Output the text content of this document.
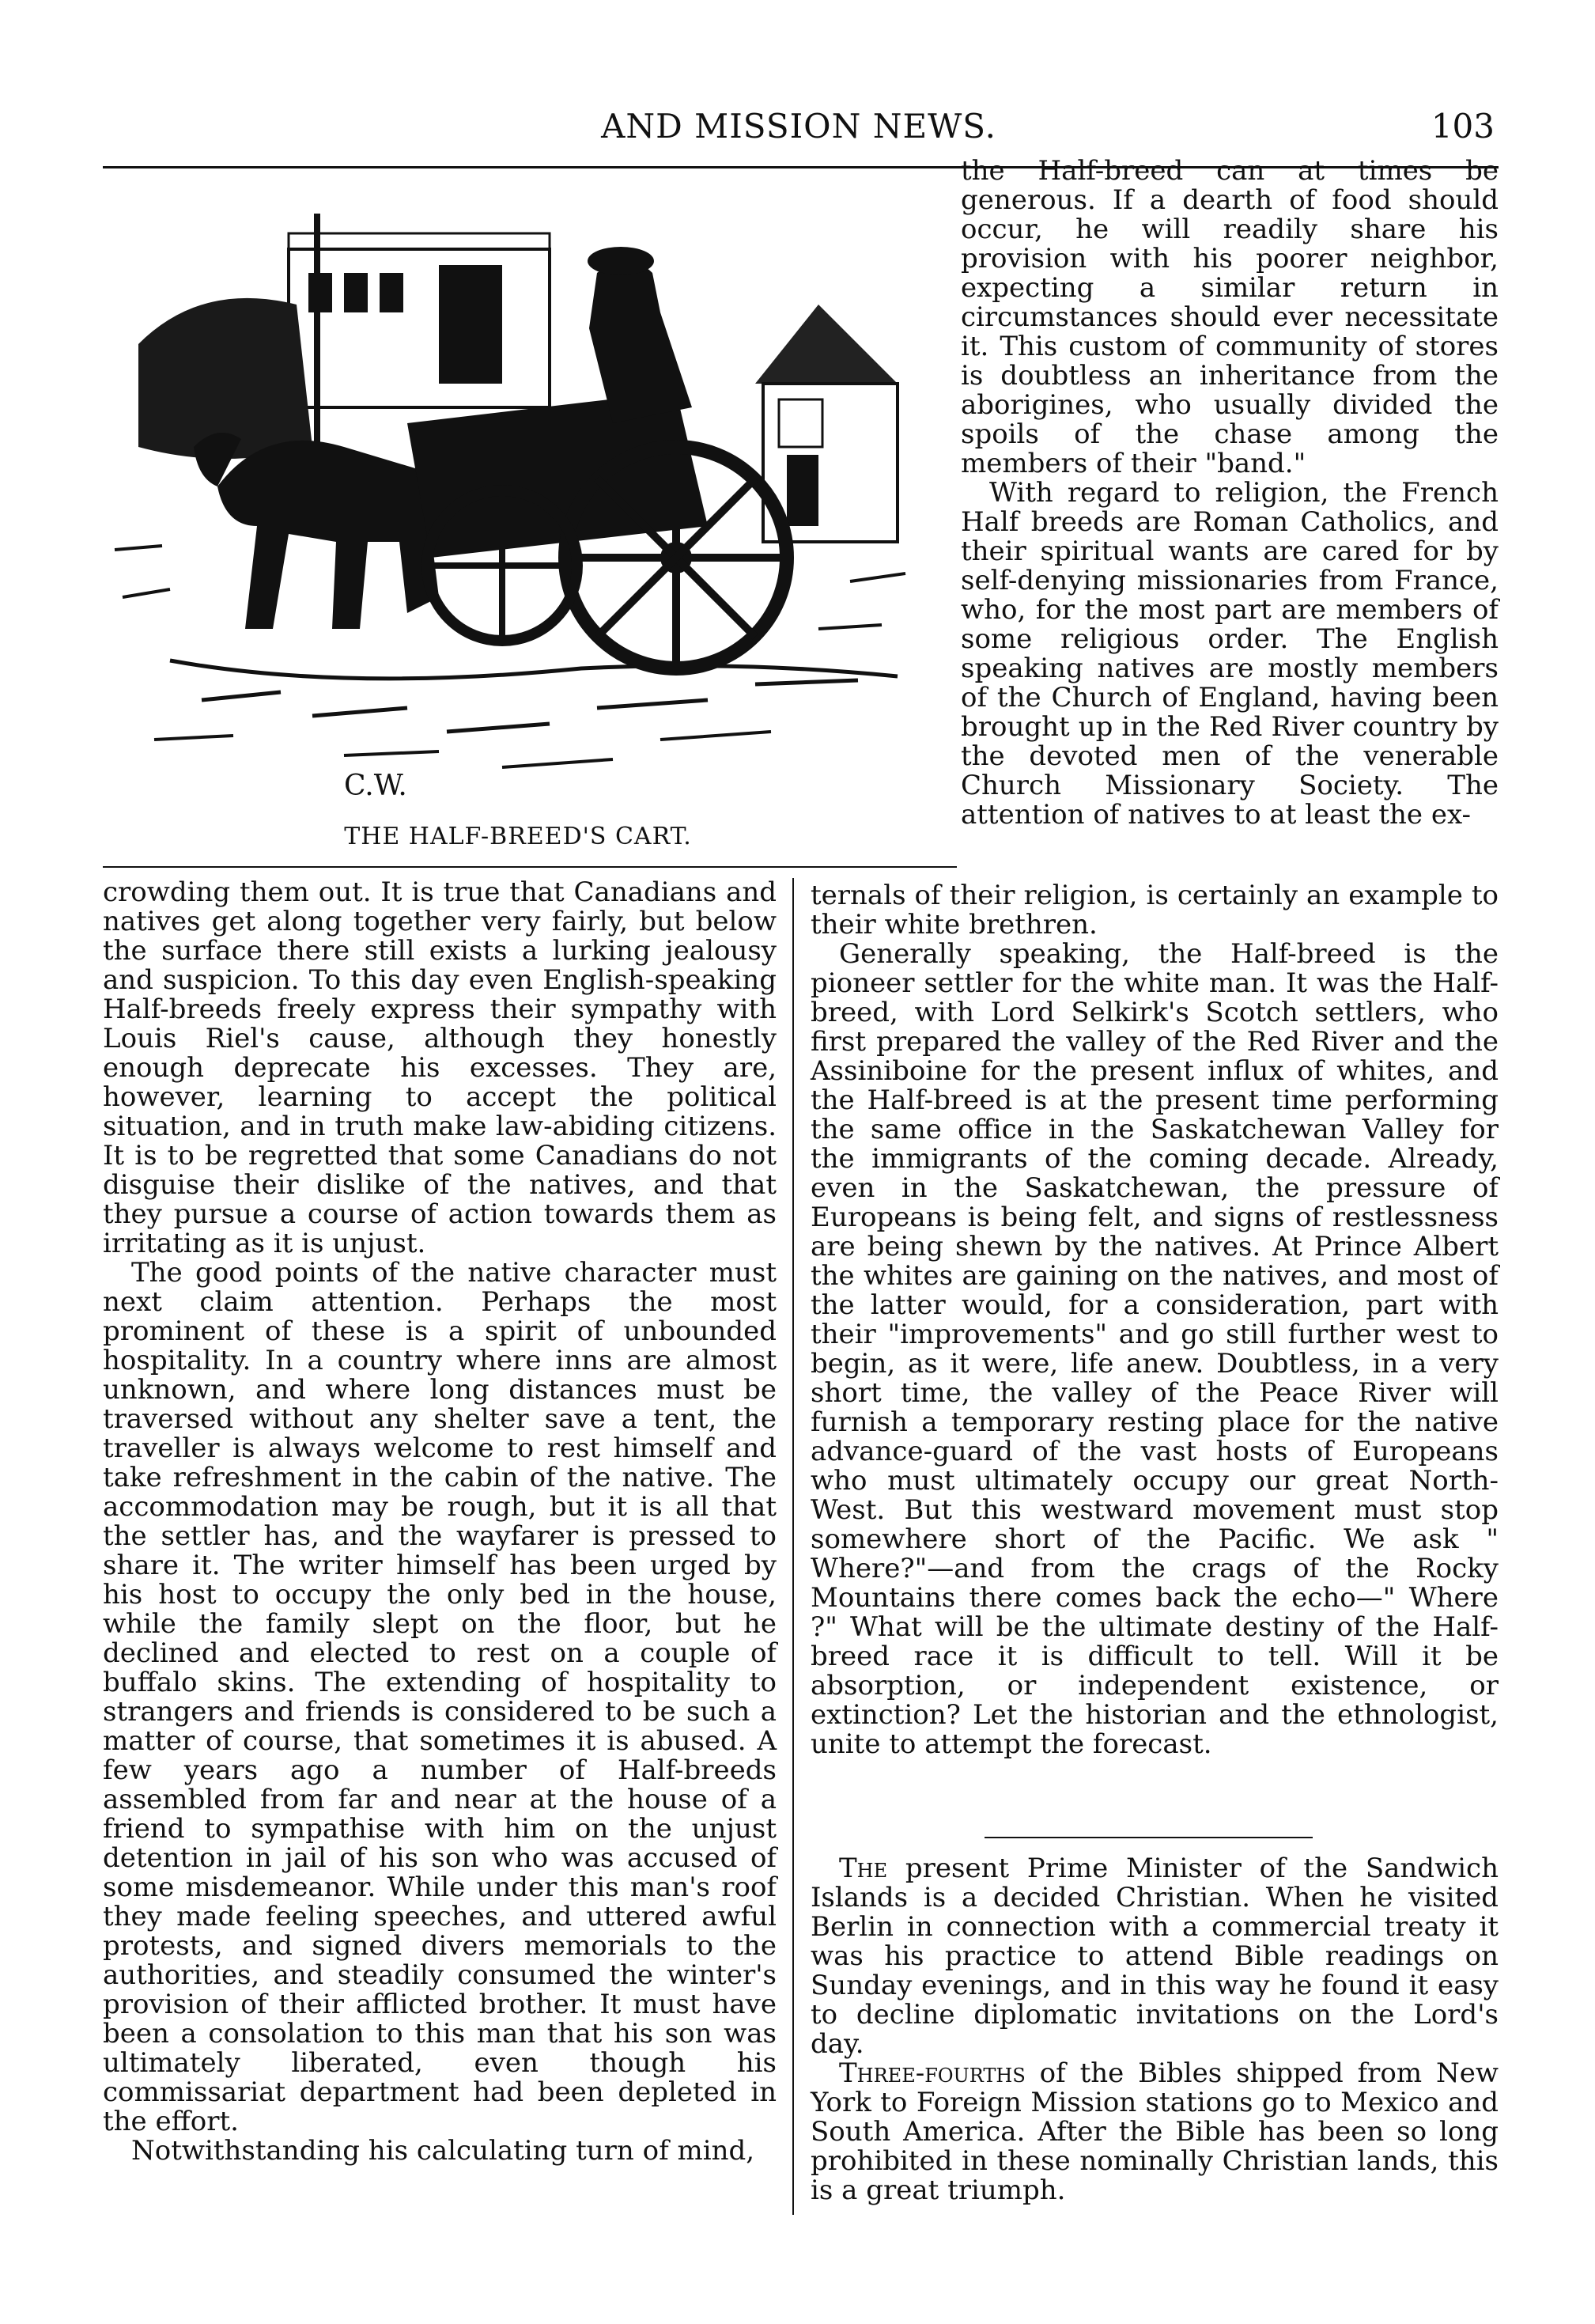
AND MISSION NEWS.	103
C.W.
THE HALF-BREED'S CART.

the Half-breed can at times be generous. If a dearth of food should occur, he will readily share his provision with his poorer neighbor, expecting a similar return in circumstances should ever necessitate it. This custom of community of stores is doubtless an inheritance from the aborigines, who usually divided the spoils of the chase among the members of their "band."

With regard to religion, the French Half breeds are Roman Catholics, and their spiritual wants are cared for by self-denying missionaries from France, who, for the most part are members of some religious order. The English speaking natives are mostly members of the Church of England, having been brought up in the Red River country by the devoted men of the venerable Church Missionary Society. The attention of natives to at least the ex-

crowding them out. It is true that Canadians and natives get along together very fairly, but below the surface there still exists a lurking jealousy and suspicion. To this day even English-speaking Half-breeds freely express their sympathy with Louis Riel's cause, although they honestly enough deprecate his excesses. They are, however, learning to accept the political situation, and in truth make law-abiding citizens. It is to be regretted that some Canadians do not disguise their dislike of the natives, and that they pursue a course of action towards them as irritating as it is unjust.

The good points of the native character must next claim attention. Perhaps the most prominent of these is a spirit of unbounded hospitality. In a country where inns are almost unknown, and where long distances must be traversed without any shelter save a tent, the traveller is always welcome to rest himself and take refreshment in the cabin of the native. The accommodation may be rough, but it is all that the settler has, and the wayfarer is pressed to share it. The writer himself has been urged by his host to occupy the only bed in the house, while the family slept on the floor, but he declined and elected to rest on a couple of buffalo skins. The extending of hospitality to strangers and friends is considered to be such a matter of course, that sometimes it is abused. A few years ago a number of Half-breeds assembled from far and near at the house of a friend to sympathise with him on the unjust detention in jail of his son who was accused of some misdemeanor. While under this man's roof they made feeling speeches, and uttered awful protests, and signed divers memorials to the authorities, and steadily consumed the winter's provision of their afflicted brother. It must have been a consolation to this man that his son was ultimately liberated, even though his commissariat department had been depleted in the effort.

Notwithstanding his calculating turn of mind,

ternals of their religion, is certainly an example to their white brethren.

Generally speaking, the Half-breed is the pioneer settler for the white man. It was the Half-breed, with Lord Selkirk's Scotch settlers, who first prepared the valley of the Red River and the Assiniboine for the present influx of whites, and the Half-breed is at the present time performing the same office in the Saskatchewan Valley for the immigrants of the coming decade. Already, even in the Saskatchewan, the pressure of Europeans is being felt, and signs of restlessness are being shewn by the natives. At Prince Albert the whites are gaining on the natives, and most of the latter would, for a consideration, part with their "improvements" and go still further west to begin, as it were, life anew. Doubtless, in a very short time, the valley of the Peace River will furnish a temporary resting place for the native advance-guard of the vast hosts of Europeans who must ultimately occupy our great North-West. But this westward movement must stop somewhere short of the Pacific. We ask " Where?"—and from the crags of the Rocky Mountains there comes back the echo—" Where ?" What will be the ultimate destiny of the Half-breed race it is difficult to tell. Will it be absorption, or independent existence, or extinction? Let the historian and the ethnologist, unite to attempt the forecast.

The present Prime Minister of the Sandwich Islands is a decided Christian. When he visited Berlin in connection with a commercial treaty it was his practice to attend Bible readings on Sunday evenings, and in this way he found it easy to decline diplomatic invitations on the Lord's day.

Three-fourths of the Bibles shipped from New York to Foreign Mission stations go to Mexico and South America. After the Bible has been so long prohibited in these nominally Christian lands, this is a great triumph.
